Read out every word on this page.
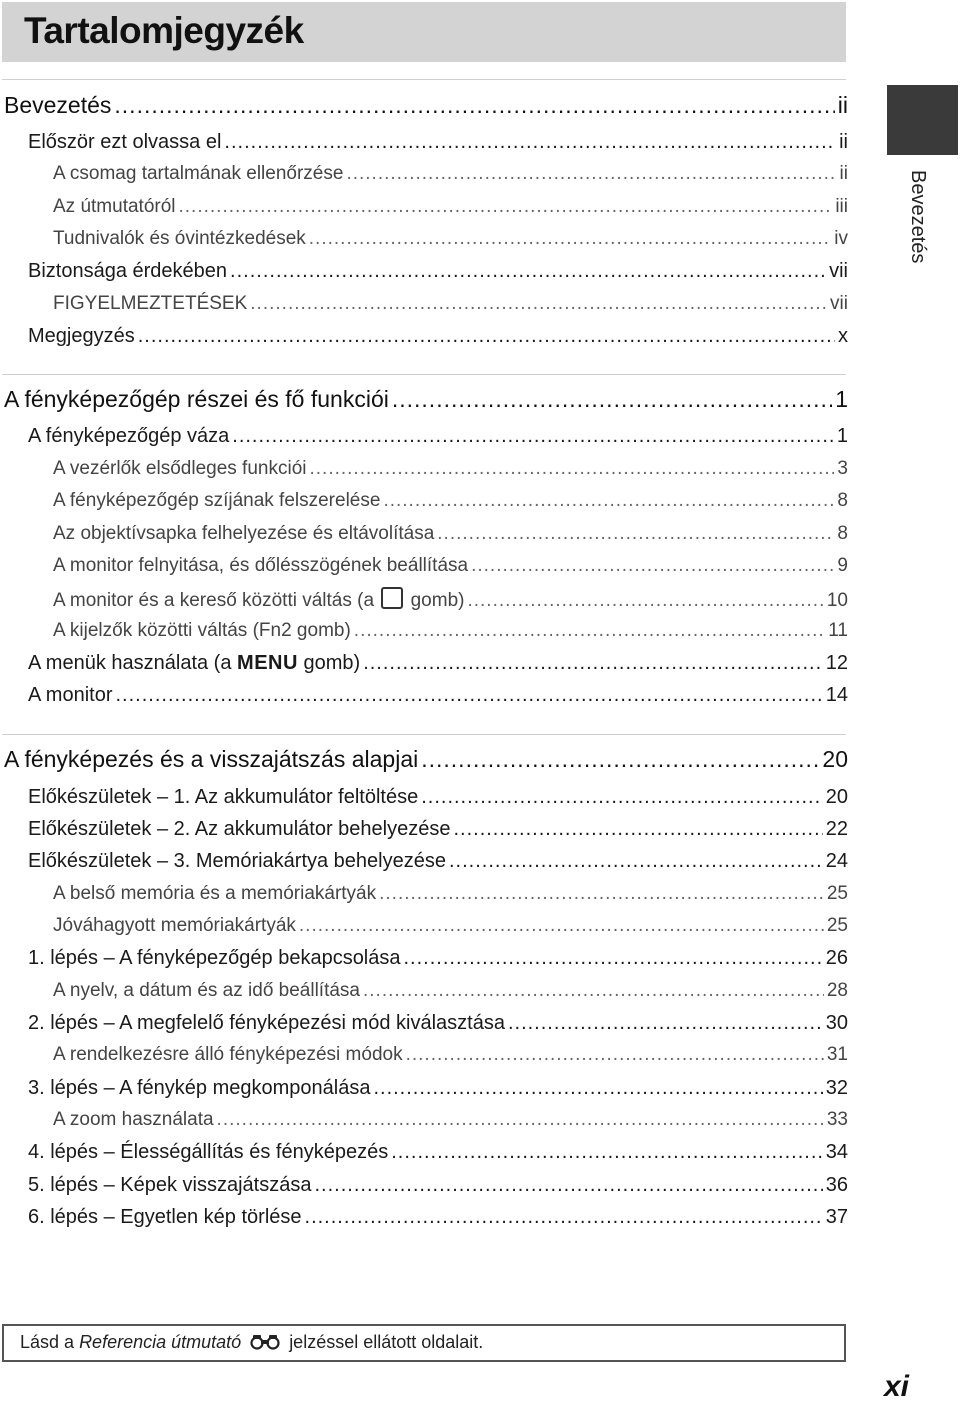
Tartalomjegyzék
Bevezetés
Bevezetés .....	ii
Először ezt olvassa el .....	ii
A csomag tartalmának ellenőrzése .....	ii
Az útmutatóról .....	iii
Tudnivalók és óvintézkedések .....	iv
Biztonsága érdekében .....	vii
FIGYELMEZTETÉSEK .....	vii
Megjegyzés .....	x
A fényképezőgép részei és fő funkciói .....	1
A fényképezőgép váza .....	1
A vezérlők elsődleges funkciói .....	3
A fényképezőgép szíjának felszerelése .....	8
Az objektívsapka felhelyezése és eltávolítása .....	8
A monitor felnyitása, és dőlésszögének beállítása .....	9
A monitor és a kereső közötti váltás (a gomb) .....	10
A kijelzők közötti váltás (Fn2 gomb) .....	11
A menük használata (a MENU gomb) .....	12
A monitor .....	14
A fényképezés és a visszajátszás alapjai .....	20
Előkészületek – 1. Az akkumulátor feltöltése .....	20
Előkészületek – 2. Az akkumulátor behelyezése .....	22
Előkészületek – 3. Memóriakártya behelyezése .....	24
A belső memória és a memóriakártyák .....	25
Jóváhagyott memóriakártyák .....	25
1. lépés – A fényképezőgép bekapcsolása .....	26
A nyelv, a dátum és az idő beállítása .....	28
2. lépés – A megfelelő fényképezési mód kiválasztása .....	30
A rendelkezésre álló fényképezési módok .....	31
3. lépés – A fénykép megkomponálása .....	32
A zoom használata .....	33
4. lépés – Élességállítás és fényképezés .....	34
5. lépés – Képek visszajátszása .....	36
6. lépés – Egyetlen kép törlése .....	37
Lásd a Referencia útmutató	jelzéssel ellátott oldalait.
xi
